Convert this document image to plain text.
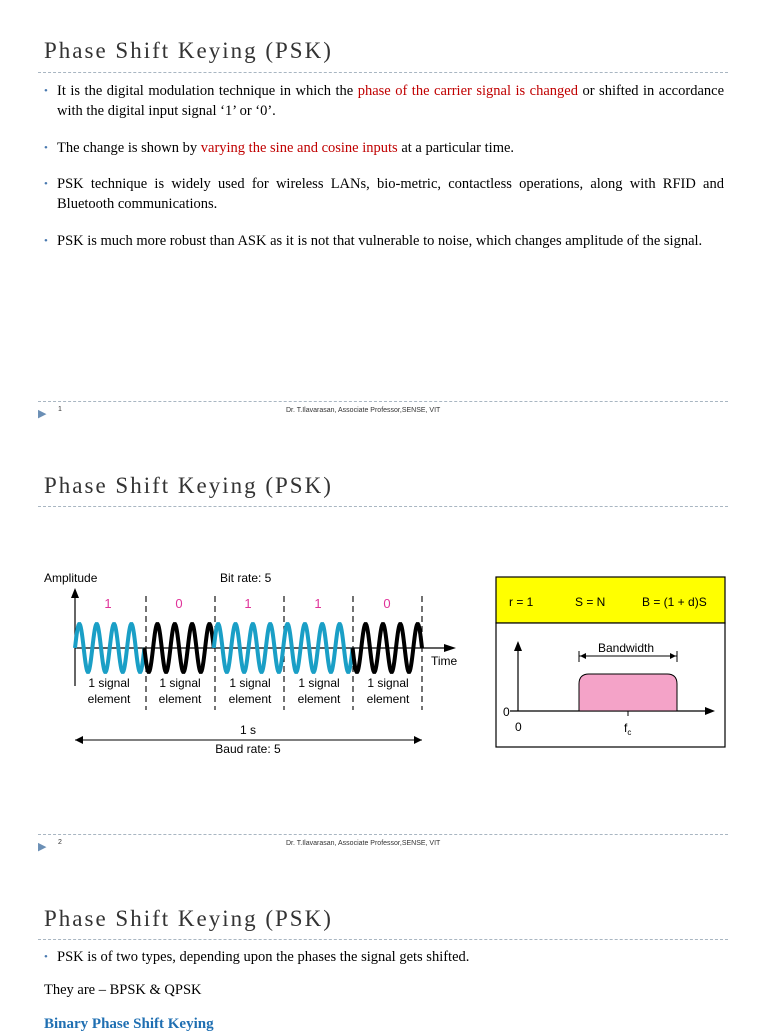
Phase Shift Keying (PSK)
• It is the digital modulation technique in which the phase of the carrier signal is changed or shifted in accordance with the digital input signal ‘1’ or ‘0’.
• The change is shown by varying the sine and cosine inputs at a particular time.
• PSK technique is widely used for wireless LANs, bio-metric, contactless operations, along with RFID and Bluetooth communications.
• PSK is much more robust than ASK as it is not that vulnerable to noise, which changes amplitude of the signal.
▶ 1	Dr. T.Ilavarasan, Associate Professor,SENSE, VIT
Phase Shift Keying (PSK)
Amplitude	Bit rate: 5
Time
1	0	1	1	0
1 signal
element
1 signal
element
1 signal
element
1 signal
element
1 signal
element
1 s
Baud rate: 5
r = 1	S = N	B = (1 + d)S
0
0
Bandwidth
$f_c$
▶ 2	Dr. T.Ilavarasan, Associate Professor,SENSE, VIT
Phase Shift Keying (PSK)
• PSK is of two types, depending upon the phases the signal gets shifted.
They are – BPSK & QPSK
Binary Phase Shift Keying
